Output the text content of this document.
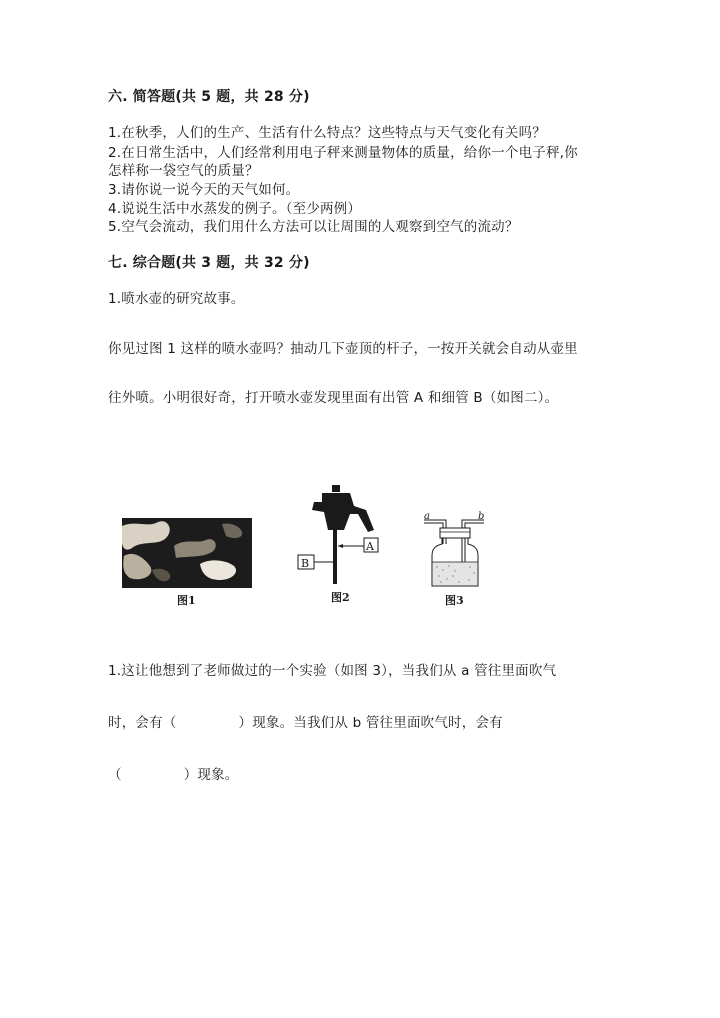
六. 简答题(共 5 题，共 28 分)
1.在秋季，人们的生产、生活有什么特点？这些特点与天气变化有关吗？
2.在日常生活中，人们经常利用电子秤来测量物体的质量，给你一个电子秤,你
怎样称一袋空气的质量？
3.请你说一说今天的天气如何。
4.说说生活中水蒸发的例子。（至少两例）
5.空气会流动，我们用什么方法可以让周围的人观察到空气的流动？
七. 综合题(共 3 题，共 32 分)
1.喷水壶的研究故事。
你见过图 1 这样的喷水壶吗？抽动几下壶顶的杆子，一按开关就会自动从壶里
往外喷。小明很好奇，打开喷水壶发现里面有出管 A 和细管 B（如图二）。
图1
A
B
图2
a	b
图3
1.这让他想到了老师做过的一个实验（如图 3），当我们从 a 管往里面吹气
时，会有（	）现象。当我们从 b 管往里面吹气时，会有
（	）现象。
